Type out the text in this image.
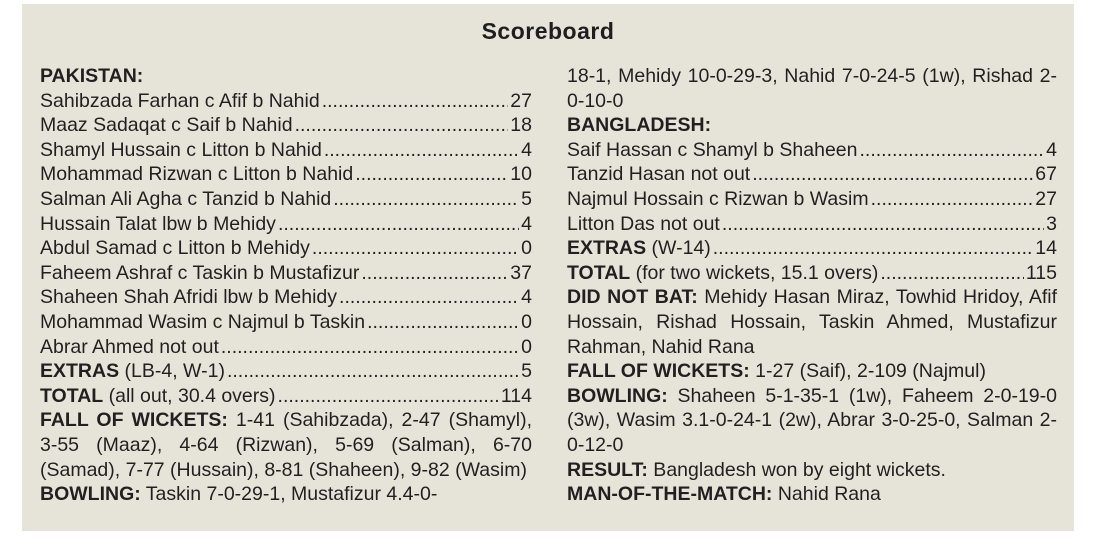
Scoreboard
PAKISTAN:
Sahibzada Farhan c Afif b Nahid .....	27
Maaz Sadaqat c Saif b Nahid .....	18
Shamyl Hussain c Litton b Nahid .....	4
Mohammad Rizwan c Litton b Nahid .....	10
Salman Ali Agha c Tanzid b Nahid .....	5
Hussain Talat lbw b Mehidy .....	4
Abdul Samad c Litton b Mehidy .....	0
Faheem Ashraf c Taskin b Mustafizur .....	37
Shaheen Shah Afridi lbw b Mehidy .....	4
Mohammad Wasim c Najmul b Taskin .....	0
Abrar Ahmed not out .....	0
EXTRAS (LB-4, W-1) .....	5
TOTAL (all out, 30.4 overs) .....	114
FALL OF WICKETS: 1-41 (Sahibzada), 2-47 (Shamyl), 3-55 (Maaz), 4-64 (Rizwan), 5-69 (Salman), 6-70 (Samad), 7-77 (Hussain), 8-81 (Shaheen), 9-82 (Wasim)
BOWLING: Taskin 7-0-29-1, Mustafizur 4.4-0-
18-1, Mehidy 10-0-29-3, Nahid 7-0-24-5 (1w), Rishad 2-0-10-0
BANGLADESH:
Saif Hassan c Shamyl b Shaheen .....	4
Tanzid Hasan not out .....	67
Najmul Hossain c Rizwan b Wasim .....	27
Litton Das not out .....	3
EXTRAS (W-14) .....	14
TOTAL (for two wickets, 15.1 overs) .....	115
DID NOT BAT: Mehidy Hasan Miraz, Towhid Hridoy, Afif Hossain, Rishad Hossain, Taskin Ahmed, Mustafizur Rahman, Nahid Rana
FALL OF WICKETS: 1-27 (Saif), 2-109 (Najmul)
BOWLING: Shaheen 5-1-35-1 (1w), Faheem 2-0-19-0 (3w), Wasim 3.1-0-24-1 (2w), Abrar 3-0-25-0, Salman 2-0-12-0
RESULT: Bangladesh won by eight wickets.
MAN-OF-THE-MATCH: Nahid Rana
